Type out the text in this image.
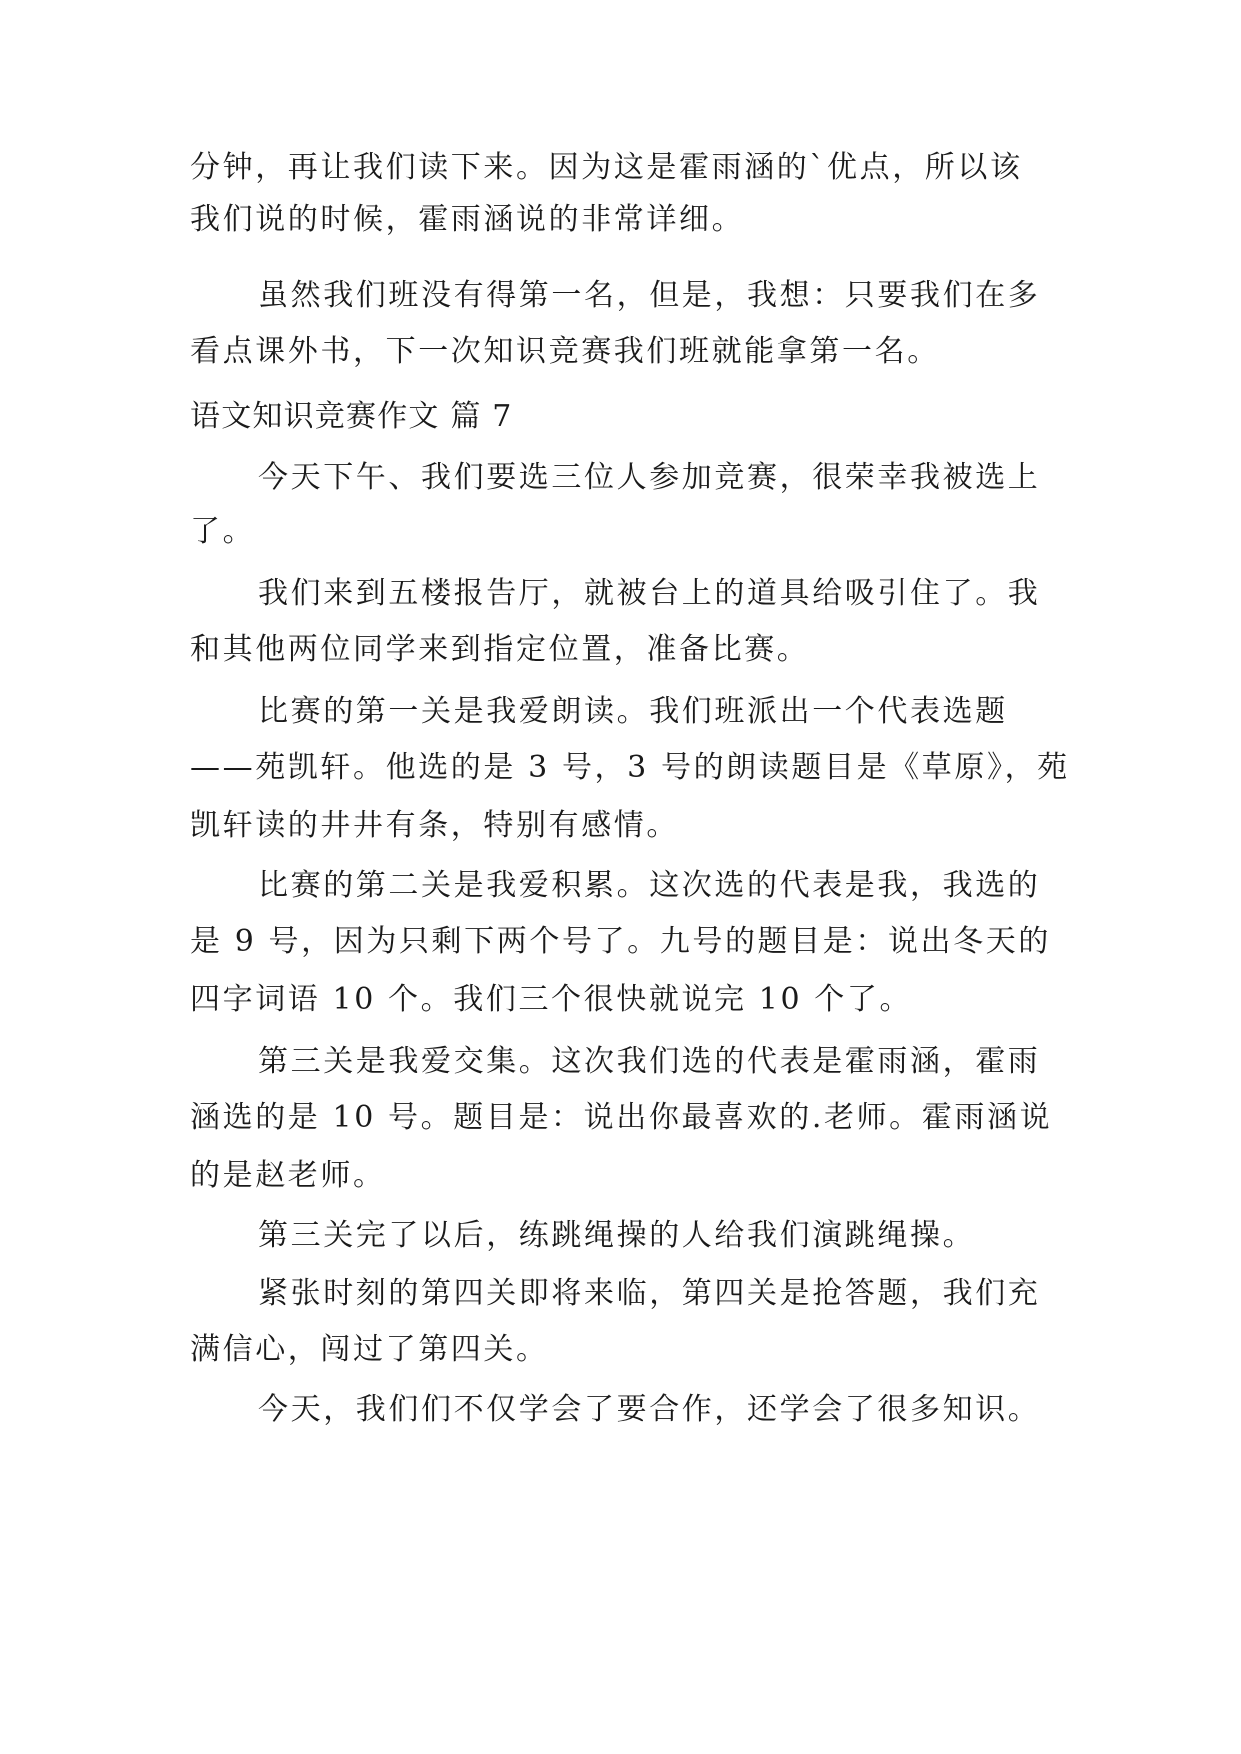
分钟，再让我们读下来。因为这是霍雨涵的`优点，所以该
我们说的时候，霍雨涵说的非常详细。
虽然我们班没有得第一名，但是，我想：只要我们在多
看点课外书，下一次知识竞赛我们班就能拿第一名。
语文知识竞赛作文 篇 7
今天下午、我们要选三位人参加竞赛，很荣幸我被选上
了。
我们来到五楼报告厅，就被台上的道具给吸引住了。我
和其他两位同学来到指定位置，准备比赛。
比赛的第一关是我爱朗读。我们班派出一个代表选题
——苑凯轩。他选的是 3 号，3 号的朗读题目是《草原》，苑
凯轩读的井井有条，特别有感情。
比赛的第二关是我爱积累。这次选的代表是我，我选的
是 9 号，因为只剩下两个号了。九号的题目是：说出冬天的
四字词语 10 个。我们三个很快就说完 10 个了。
第三关是我爱交集。这次我们选的代表是霍雨涵，霍雨
涵选的是 10 号。题目是：说出你最喜欢的.老师。霍雨涵说
的是赵老师。
第三关完了以后，练跳绳操的人给我们演跳绳操。
紧张时刻的第四关即将来临，第四关是抢答题，我们充
满信心，闯过了第四关。
今天，我们们不仅学会了要合作，还学会了很多知识。
